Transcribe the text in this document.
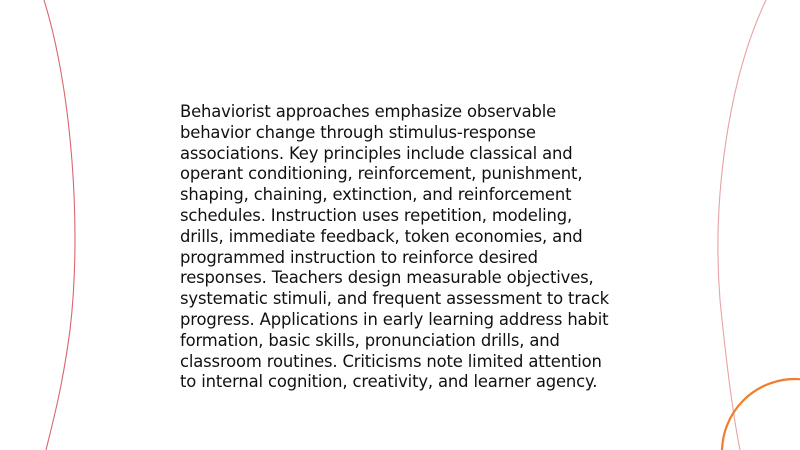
Behaviorist approaches emphasize observable behavior change through stimulus-response associations. Key principles include classical and operant conditioning, reinforcement, punishment, shaping, chaining, extinction, and reinforcement schedules. Instruction uses repetition, modeling, drills, immediate feedback, token economies, and programmed instruction to reinforce desired responses. Teachers design measurable objectives, systematic stimuli, and frequent assessment to track progress. Applications in early learning address habit formation, basic skills, pronunciation drills, and classroom routines. Criticisms note limited attention to internal cognition, creativity, and learner agency.
